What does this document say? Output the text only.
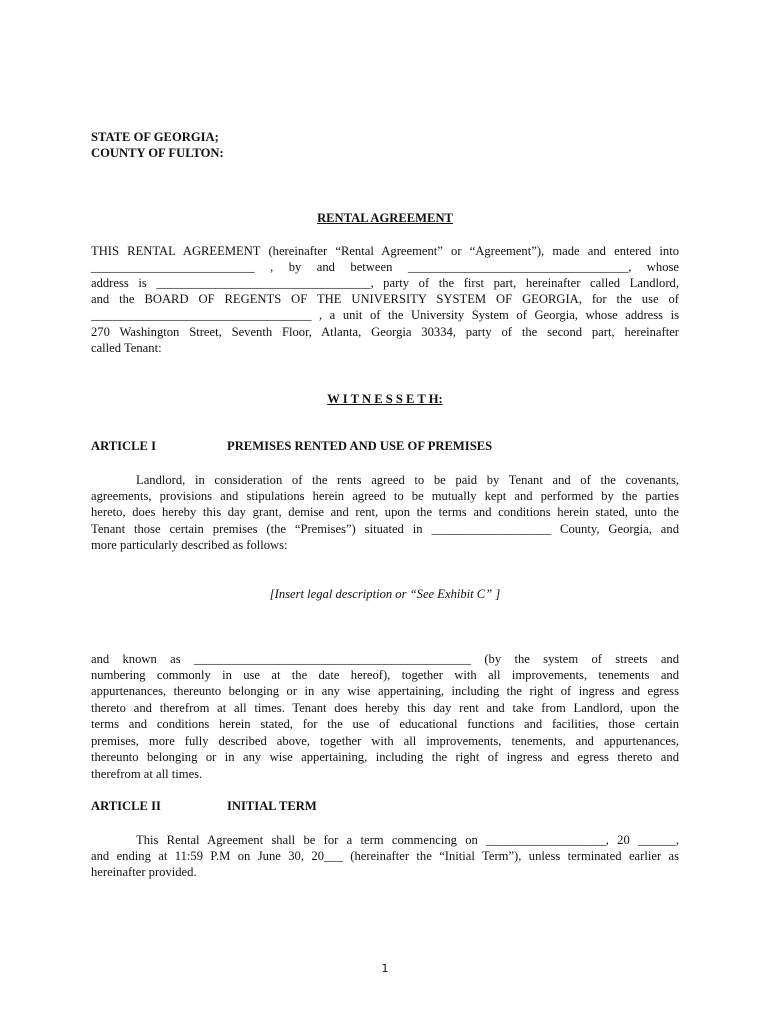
STATE OF GEORGIA;
COUNTY OF FULTON:
RENTAL AGREEMENT
THIS RENTAL AGREEMENT (hereinafter “Rental Agreement” or “Agreement”), made and entered into
__________________________ , by and between ___________________________________, whose
address is __________________________________, party of the first part, hereinafter called Landlord,
and the BOARD OF REGENTS OF THE UNIVERSITY SYSTEM OF GEORGIA, for the use of
___________________________________ , a unit of the University System of Georgia, whose address is
270 Washington Street, Seventh Floor, Atlanta, Georgia 30334, party of the second part, hereinafter
called Tenant:
W I T N E S S E T H:
ARTICLE I	PREMISES RENTED AND USE OF PREMISES
Landlord, in consideration of the rents agreed to be paid by Tenant and of the covenants,
agreements, provisions and stipulations herein agreed to be mutually kept and performed by the parties
hereto, does hereby this day grant, demise and rent, upon the terms and conditions herein stated, unto the
Tenant those certain premises (the “Premises”) situated in ___________________ County, Georgia, and
more particularly described as follows:
[Insert legal description or “See Exhibit C” ]
and known as ____________________________________________ (by the system of streets and
numbering commonly in use at the date hereof), together with all improvements, tenements and
appurtenances, thereunto belonging or in any wise appertaining, including the right of ingress and egress
thereto and therefrom at all times. Tenant does hereby this day rent and take from Landlord, upon the
terms and conditions herein stated, for the use of educational functions and facilities, those certain
premises, more fully described above, together with all improvements, tenements, and appurtenances,
thereunto belonging or in any wise appertaining, including the right of ingress and egress thereto and
therefrom at all times.
ARTICLE II	INITIAL TERM
This Rental Agreement shall be for a term commencing on ___________________, 20 ______,
and ending at 11:59 P.M on June 30, 20___ (hereinafter the “Initial Term”), unless terminated earlier as
hereinafter provided.
1
